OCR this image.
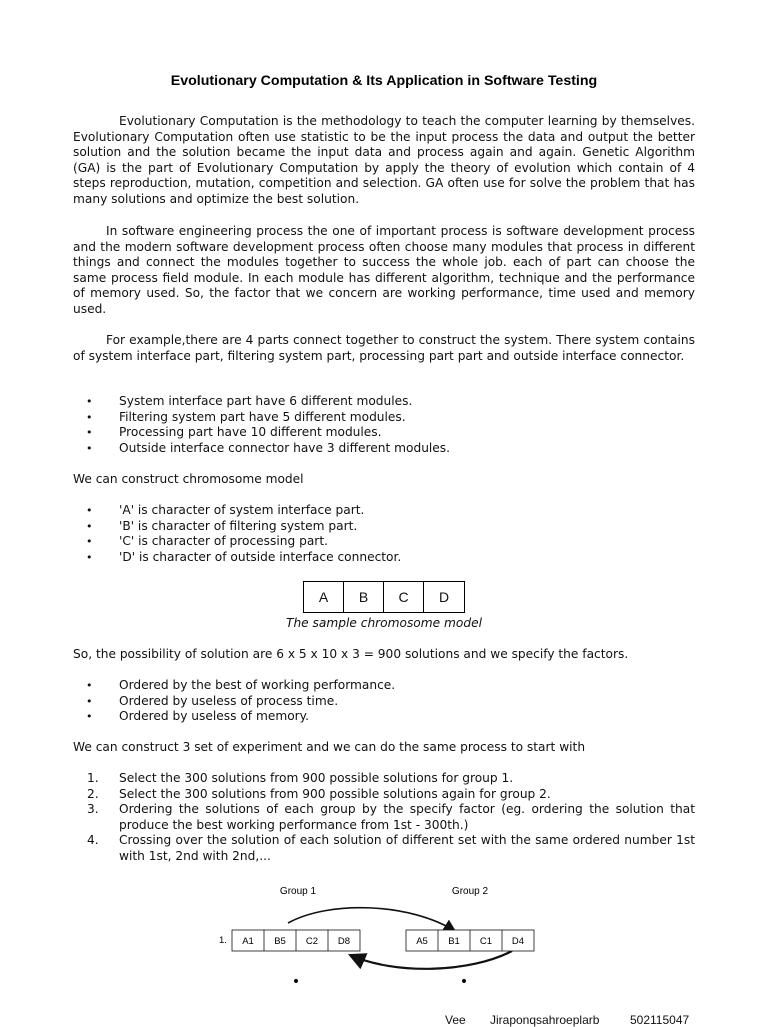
Evolutionary Computation & Its Application in Software Testing

Evolutionary Computation is the methodology to teach the computer learning by themselves. Evolutionary Computation often use statistic to be the input process the data and output the better solution and the solution became the input data and process again and again. Genetic Algorithm (GA) is the part of Evolutionary Computation by apply the theory of evolution which contain of 4 steps reproduction, mutation, competition and selection. GA often use for solve the problem that has many solutions and optimize the best solution.

In software engineering process the one of important process is software development process and the modern software development process often choose many modules that process in different things and connect the modules together to success the whole job. each of part can choose the same process field module. In each module has different algorithm, technique and the performance of memory used. So, the factor that we concern are working performance, time used and memory used.

For example,there are 4 parts connect together to construct the system. There system contains of system interface part, filtering system part, processing part part and outside interface connector.

• System interface part have 6 different modules.
• Filtering system part have 5 different modules.
• Processing part have 10 different modules.
• Outside interface connector have 3 different modules.
We can construct chromosome model
• 'A' is character of system interface part.
• 'B' is character of filtering system part.
• 'C' is character of processing part.
• 'D' is character of outside interface connector.
A	B	C	D
The sample chromosome model
So, the possibility of solution are 6 x 5 x 10 x 3 = 900 solutions and we specify the factors.
• Ordered by the best of working performance.
• Ordered by useless of process time.
• Ordered by useless of memory.
We can construct 3 set of experiment and we can do the same process to start with
1. Select the 300 solutions from 900 possible solutions for group 1.
2. Select the 300 solutions from 900 possible solutions again for group 2.
3. Ordering the solutions of each group by the specify factor (eg. ordering the solution that produce the best working performance from 1st - 300th.)
4. Crossing over the solution of each solution of different set with the same ordered number 1st with 1st, 2nd with 2nd,...
Group 1	Group 2
1. A1 B5 C2 D8	A5 B1 C1 D4
•	•
Vee Jiraponqsahroeplarb	502115047
